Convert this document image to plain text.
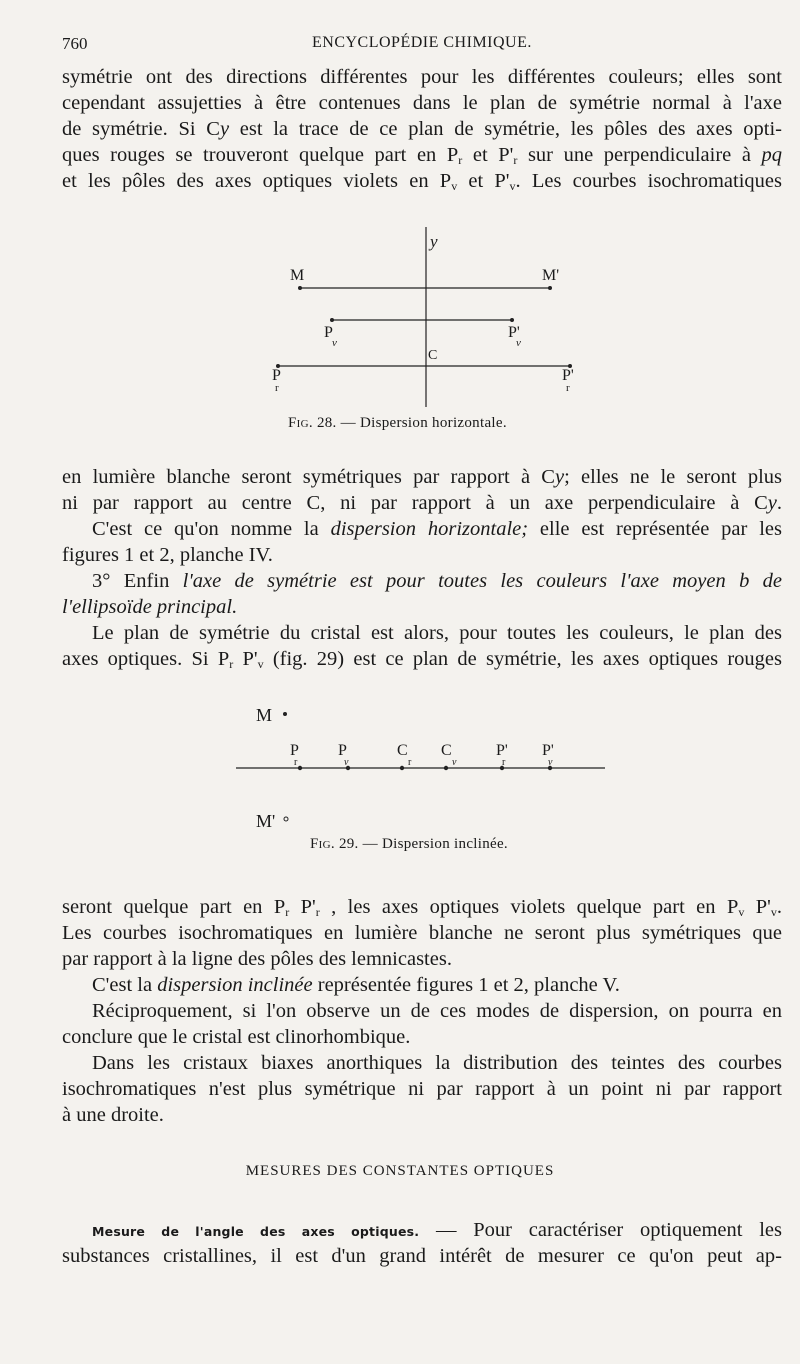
760	ENCYCLOPÉDIE CHIMIQUE.

symétrie ont des directions différentes pour les différentes couleurs; elles sont

cependant assujetties à être contenues dans le plan de symétrie normal à l'axe

de symétrie. Si Cy est la trace de ce plan de symétrie, les pôles des axes opti-

ques rouges se trouveront quelque part en $P_r$ et $P'_r$ sur une perpendiculaire à pq

et les pôles des axes optiques violets en $P_v$ et $P'_v$. Les courbes isochromatiques

y
M	M'
P
v
P'
v
C
P
r
P'
r
Fig. 28. — Dispersion horizontale.

en lumière blanche seront symétriques par rapport à Cy; elles ne le seront plus

ni par rapport au centre C, ni par rapport à un axe perpendiculaire à Cy.

C'est ce qu'on nomme la dispersion horizontale; elle est représentée par les

figures 1 et 2, planche IV.

3° Enfin l'axe de symétrie est pour toutes les couleurs l'axe moyen b de

l'ellipsoïde principal.

Le plan de symétrie du cristal est alors, pour toutes les couleurs, le plan des

axes optiques. Si $P_r$ $P'_v$ (fig. 29) est ce plan de symétrie, les axes optiques rouges

M
P
r
P
v
C
r
C
v
P'
r
P'
v
M'
Fig. 29. — Dispersion inclinée.

seront quelque part en $P_r$ $P'_r$ , les axes optiques violets quelque part en $P_v$ $P'_v$.

Les courbes isochromatiques en lumière blanche ne seront plus symétriques que

par rapport à la ligne des pôles des lemnicastes.

C'est la dispersion inclinée représentée figures 1 et 2, planche V.

Réciproquement, si l'on observe un de ces modes de dispersion, on pourra en

conclure que le cristal est clinorhombique.

Dans les cristaux biaxes anorthiques la distribution des teintes des courbes

isochromatiques n'est plus symétrique ni par rapport à un point ni par rapport

à une droite.

MESURES DES CONSTANTES OPTIQUES

Mesure de l'angle des axes optiques. — Pour caractériser optiquement les

substances cristallines, il est d'un grand intérêt de mesurer ce qu'on peut ap-
